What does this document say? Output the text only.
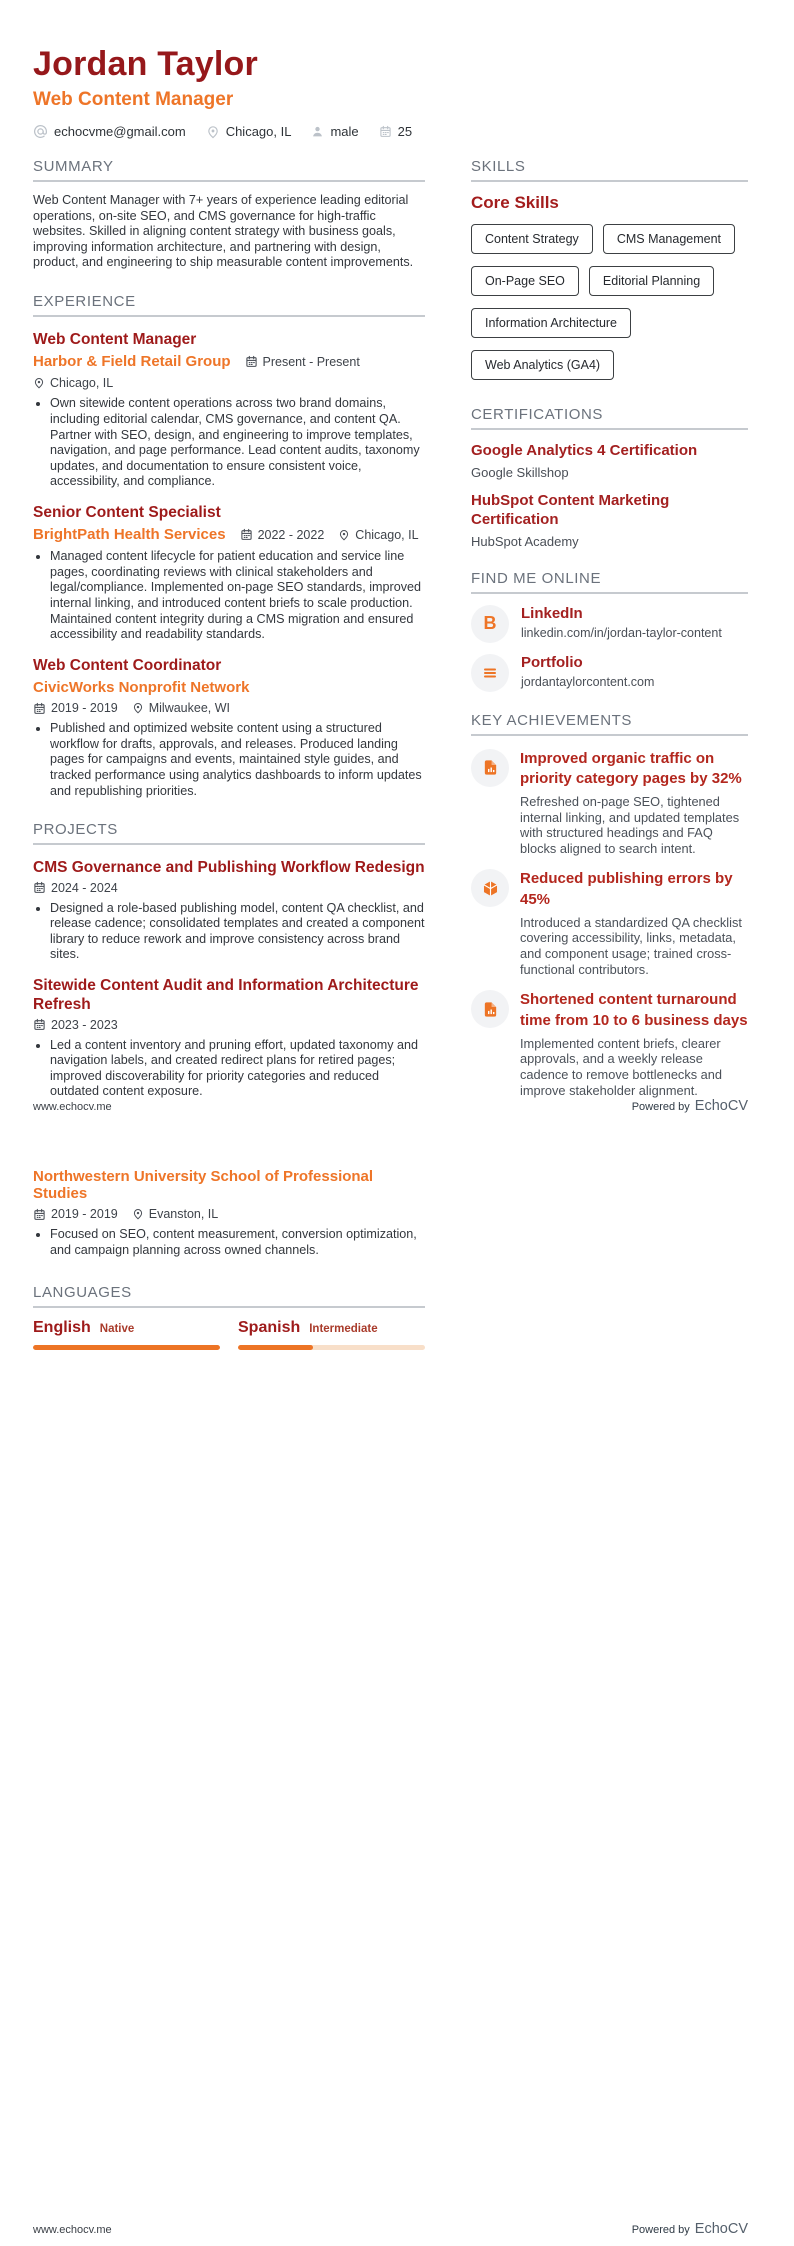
Jordan Taylor
Web Content Manager
echocvme@gmail.com	Chicago, IL	male	25
SUMMARY
Web Content Manager with 7+ years of experience leading editorial operations, on-site SEO, and CMS governance for high-traffic websites. Skilled in aligning content strategy with business goals, improving information architecture, and partnering with design, product, and engineering to ship measurable content improvements.
EXPERIENCE
Web Content Manager
Harbor & Field Retail Group	Present - Present
Chicago, IL
• Own sitewide content operations across two brand domains, including editorial calendar, CMS governance, and content QA. Partner with SEO, design, and engineering to improve templates, navigation, and page performance. Lead content audits, taxonomy updates, and documentation to ensure consistent voice, accessibility, and compliance.
Senior Content Specialist
BrightPath Health Services	2022 - 2022 Chicago, IL
• Managed content lifecycle for patient education and service line pages, coordinating reviews with clinical stakeholders and legal/compliance. Implemented on-page SEO standards, improved internal linking, and introduced content briefs to scale production. Maintained content integrity during a CMS migration and ensured accessibility and readability standards.
Web Content Coordinator
CivicWorks Nonprofit Network
2019 - 2019 Milwaukee, WI
• Published and optimized website content using a structured workflow for drafts, approvals, and releases. Produced landing pages for campaigns and events, maintained style guides, and tracked performance using analytics dashboards to inform updates and republishing priorities.
PROJECTS
CMS Governance and Publishing Workflow Redesign
2024 - 2024
• Designed a role-based publishing model, content QA checklist, and release cadence; consolidated templates and created a component library to reduce rework and improve consistency across brand sites.
Sitewide Content Audit and Information Architecture Refresh
2023 - 2023
• Led a content inventory and pruning effort, updated taxonomy and navigation labels, and created redirect plans for retired pages; improved discoverability for priority categories and reduced outdated content exposure.
SKILLS
Core Skills
Content Strategy	CMS Management
On-Page SEO	Editorial Planning
Information Architecture
Web Analytics (GA4)
CERTIFICATIONS
Google Analytics 4 Certification
Google Skillshop
HubSpot Content Marketing Certification
HubSpot Academy
FIND ME ONLINE
B LinkedIn
linkedin.com/in/jordan-taylor-content
Portfolio
jordantaylorcontent.com
KEY ACHIEVEMENTS
Improved organic traffic on priority category pages by 32%
Refreshed on-page SEO, tightened internal linking, and updated templates with structured headings and FAQ blocks aligned to search intent.
Reduced publishing errors by 45%
Introduced a standardized QA checklist covering accessibility, links, metadata, and component usage; trained cross-functional contributors.
Shortened content turnaround time from 10 to 6 business days
Implemented content briefs, clearer approvals, and a weekly release cadence to remove bottlenecks and improve stakeholder alignment.
www.echocv.me	Powered by EchoCV
Northwestern University School of Professional Studies
2019 - 2019 Evanston, IL
• Focused on SEO, content measurement, conversion optimization, and campaign planning across owned channels.
LANGUAGES
English Native	Spanish Intermediate
www.echocv.me	Powered by EchoCV
